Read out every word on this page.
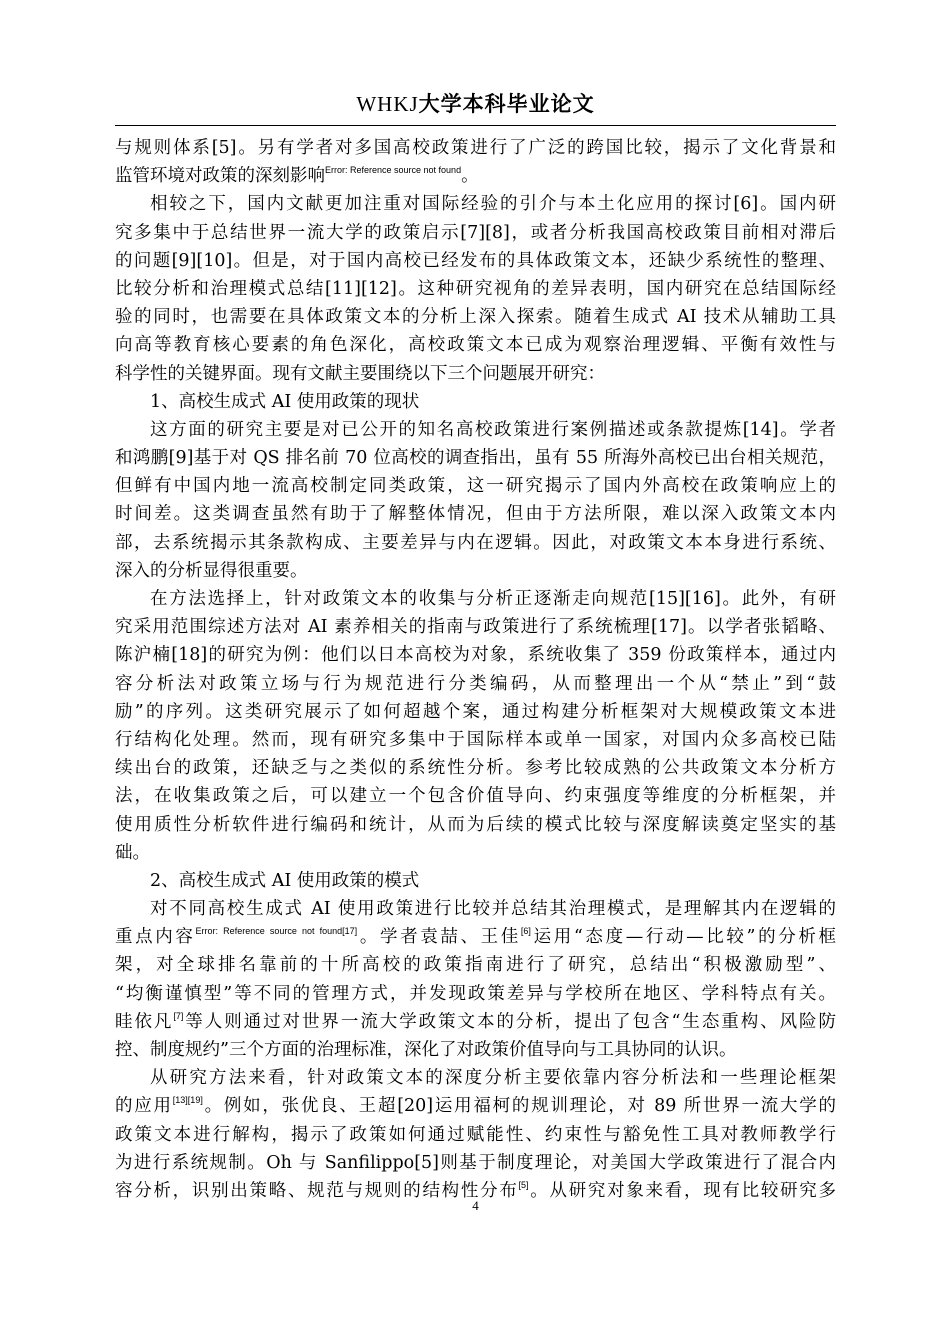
WHKJ大学本科毕业论文
与规则体系[5]。另有学者对多国高校政策进行了广泛的跨国比较，揭示了文化背景和
监管环境对政策的深刻影响$^{Error: Reference source not found}$。
相较之下，国内文献更加注重对国际经验的引介与本土化应用的探讨[6]。国内研
究多集中于总结世界一流大学的政策启示[7][8]，或者分析我国高校政策目前相对滞后
的问题[9][10]。但是，对于国内高校已经发布的具体政策文本，还缺少系统性的整理、
比较分析和治理模式总结[11][12]。这种研究视角的差异表明，国内研究在总结国际经
验的同时，也需要在具体政策文本的分析上深入探索。随着生成式 AI 技术从辅助工具
向高等教育核心要素的角色深化，高校政策文本已成为观察治理逻辑、平衡有效性与
科学性的关键界面。现有文献主要围绕以下三个问题展开研究：
1、高校生成式 AI 使用政策的现状
这方面的研究主要是对已公开的知名高校政策进行案例描述或条款提炼[14]。学者
和鸿鹏[9]基于对 QS 排名前 70 位高校的调查指出，虽有 55 所海外高校已出台相关规范，
但鲜有中国内地一流高校制定同类政策，这一研究揭示了国内外高校在政策响应上的
时间差。这类调查虽然有助于了解整体情况，但由于方法所限，难以深入政策文本内
部，去系统揭示其条款构成、主要差异与内在逻辑。因此，对政策文本本身进行系统、
深入的分析显得很重要。
在方法选择上，针对政策文本的收集与分析正逐渐走向规范[15][16]。此外，有研
究采用范围综述方法对 AI 素养相关的指南与政策进行了系统梳理[17]。以学者张韬略、
陈沪楠[18]的研究为例：他们以日本高校为对象，系统收集了 359 份政策样本，通过内
容分析法对政策立场与行为规范进行分类编码，从而整理出一个从“禁止”到“鼓
励”的序列。这类研究展示了如何超越个案，通过构建分析框架对大规模政策文本进
行结构化处理。然而，现有研究多集中于国际样本或单一国家，对国内众多高校已陆
续出台的政策，还缺乏与之类似的系统性分析。参考比较成熟的公共政策文本分析方
法，在收集政策之后，可以建立一个包含价值导向、约束强度等维度的分析框架，并
使用质性分析软件进行编码和统计，从而为后续的模式比较与深度解读奠定坚实的基
础。
2、高校生成式 AI 使用政策的模式
对不同高校生成式 AI 使用政策进行比较并总结其治理模式，是理解其内在逻辑的
重点内容$^{Error: Reference source not found[17]}$。学者袁喆、王佳[6]运用“态度—行动—比较”的分析框
架，对全球排名靠前的十所高校的政策指南进行了研究，总结出“积极激励型”、
“均衡谨慎型”等不同的管理方式，并发现政策差异与学校所在地区、学科特点有关。
眭依凡[7]等人则通过对世界一流大学政策文本的分析，提出了包含“生态重构、风险防
控、制度规约”三个方面的治理标准，深化了对政策价值导向与工具协同的认识。
从研究方法来看，针对政策文本的深度分析主要依靠内容分析法和一些理论框架
的应用[13][19]。例如，张优良、王超[20]运用福柯的规训理论，对 89 所世界一流大学的
政策文本进行解构，揭示了政策如何通过赋能性、约束性与豁免性工具对教师教学行
为进行系统规制。Oh 与 Sanfilippo[5]则基于制度理论，对美国大学政策进行了混合内
容分析，识别出策略、规范与规则的结构性分布[5]。从研究对象来看，现有比较研究多
4
